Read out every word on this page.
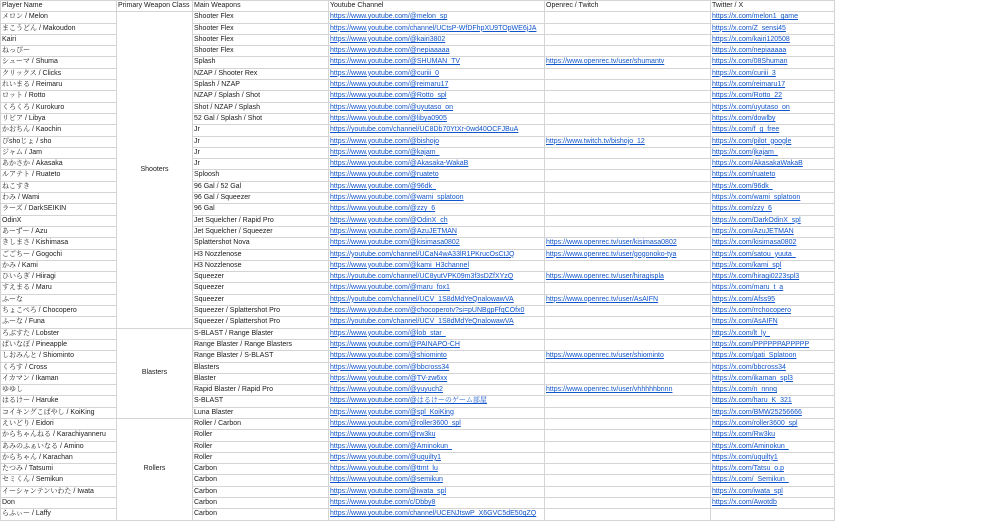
Player Name	Primary Weapon Class	Main Weapons	Youtube Channel	Openrec / Twitch	Twitter / X
メロン / Melon	Shooters	Shooter Flex	https://www.youtube.com/@melon_sp		https://x.com/melon1_game
まこうどん / Makoudon		Shooter Flex	https://www.youtube.com/channel/UCtsP-WfDFhpXU9TOpWE6jJA		https://x.com/Z_sensi45
Kairi		Shooter Flex	https://www.youtube.com/@kairi3802		https://x.com/kairi120508
ねっぴー		Shooter Flex	https://www.youtube.com/@nepiaaaaa		https://x.com/nepiaaaaa
シューマ / Shuma		Splash	https://www.youtube.com/@SHUMAN_TV	https://www.openrec.tv/user/shumantv	https://x.com/08Shuman
クリックス / Clicks		NZAP / Shooter Rex	https://www.youtube.com/@curiii_0		https://x.com/curiii_3
れいまる / Reimaru		Splash / NZAP	https://www.youtube.com/@reimaru17		https://x.com/reimaru17
ロット / Rotto		NZAP / Splash / Shot	https://www.youtube.com/@Rotto_spl		https://x.com/Rotto_22
くろくろ / Kurokuro		Shot / NZAP / Splash	https://www.youtube.com/@uyutaso_on		https://x.com/uyutaso_on
リビア / Libya		52 Gal / Splash / Shot	https://www.youtube.com/@libya0905		https://x.com/dowlby
かおちん / Kaochin		Jr	https://youtube.com/channel/UC8Db70YtXr-0wd40OCFJBuA		https://x.com/f_g_free
ぴshoじょ / sho		Jr	https://www.youtube.com/@bishojo	https://www.twitch.tv/bishojo_12	https://x.com/pilot_google
ジャム / Jam		Jr	https://www.youtube.com/@kajam_		https://x.com/jkajam_
あかさか / Akasaka		Jr	https://www.youtube.com/@Akasaka-WakaB		https://x.com/AkasakaWakaB
ルアテト / Ruateto		Sploosh	https://www.youtube.com/@ruateto		https://x.com/ruateto
ねこすき		96 Gal / 52 Gal	https://www.youtube.com/@96dk_		https://x.com/96dk_
わみ / Wami		96 Gal / Squeezer	https://www.youtube.com/@wami_splatoon		https://x.com/wami_splatoon
ラーズ / DarkSEIKIN		96 Gal	https://www.youtube.com/@zzy_6		https://x.com/zzy_6
OdinX		Jet Squelcher / Rapid Pro	https://www.youtube.com/@OdinX_ch		https://x.com/DarkOdinX_spl
あーずー / Azu		Jet Squelcher / Squeezer	https://www.youtube.com/@AzuJETMAN		https://x.com/AzuJETMAN
きしまさ / Kishimasa		Splattershot Nova	https://www.youtube.com/@kisimasa0802	https://www.openrec.tv/user/kisimasa0802	https://x.com/kisimasa0802
ごごちー / Gogochi		H3 Nozzlenose	https://youtube.com/channel/UCaN4wA33lR1PKrucOsCtJQ	https://www.openrec.tv/user/gogonoko-tya	https://x.com/satou_yuuta_
かみ / Kami		H3 Nozzlenose	https://www.youtube.com/@kami_H3channel		https://x.com/kami_spl
ひいらぎ / Hiiragi		Squeezer	https://youtube.com/channel/UC8yutVPK09m3f3sDZfXYzQ	https://www.openrec.tv/user/hiragispla	https://x.com/hiragi0223spl3
すえまる / Maru		Squeezer	https://www.youtube.com/@maru_fox1		https://x.com/maru_t_a
ふーな		Squeezer	https://youtube.com/channel/UCV_1S8dMdYeQnalowawVA	https://www.openrec.tv/user/AsAIFN	https://x.com/Afss95
ちょこぺろ / Chocopero		Squeezer / Splattershot Pro	https://www.youtube.com/@chocoperotv?si=pUNBgpFfqCOfx0		https://x.com/rrchocopero
ふーな / Funa		Squeezer / Splattershot Pro	https://youtube.com/channel/UCV_1S8dMdYeQnalowawVA		https://x.com/AsAIFN
ろぶすた / Lobster	Blasters	S-BLAST / Range Blaster	https://www.youtube.com/@lob_star_		https://x.com/lt_ly_
ぱいなぽ / Pineapple		Range Blaster / Range Blasters	https://www.youtube.com/@PAINAPO-CH		https://x.com/PPPPPPAPPPPP
しおみんと / Shiominto		Range Blaster / S-BLAST	https://www.youtube.com/@shiominto	https://www.openrec.tv/user/shiominto	https://x.com/gati_Splatoon
くろす / Cross		Blasters	https://www.youtube.com/@bbcross34		https://x.com/bbcross34
イカマン / Ikaman		Blaster	https://www.youtube.com/@TV-zw6xx		https://x.com/ikaman_spl3
ゆゆし		Rapid Blaster / Rapid Pro	https://www.youtube.com/@yuyuch2	https://www.openrec.tv/user/vhhhhhbnnn	https://x.com/n_nnnq
はるけー / Haruke		S-BLAST	https://www.youtube.com/@はるけーのゲーム部屋		https://x.com/haru_K_321
コイキングこばやし / KoiKing		Luna Blaster	https://www.youtube.com/@spl_KoiKing		https://x.com/BMW25256666
えいどり / Eidori	Rollers	Roller / Carbon	https://www.youtube.com/@roller3600_spl		https://x.com/roller3600_spl
からちゃんねる / Karachiyanneru		Roller	https://www.youtube.com/@rw3ku		https://x.com/Rw3ku
あみのふぁいなる / Amino		Roller	https://www.youtube.com/@Aminokun_		https://x.com/Aminokun_
からちゃん / Karachan		Roller	https://www.youtube.com/@uquilty1		https://x.com/uquilty1
たつみ / Tatsumi		Carbon	https://www.youtube.com/@ttmt_lu		https://x.com/Tatsu_o.p
セミくん / Semikun		Carbon	https://www.youtube.com/@semikun		https://x.com/_Semikun_
イーシャンテンいわた / Iwata		Carbon	https://www.youtube.com/@iwata_spl		https://x.com/iwata_spl
Don		Carbon	https://www.youtube.com/c/Dbby8		https://x.com/Awotdb
らふぃー / Laffy		Carbon	https://www.youtube.com/channel/UCENJtswP_X6GVC5dE50qZQ		
